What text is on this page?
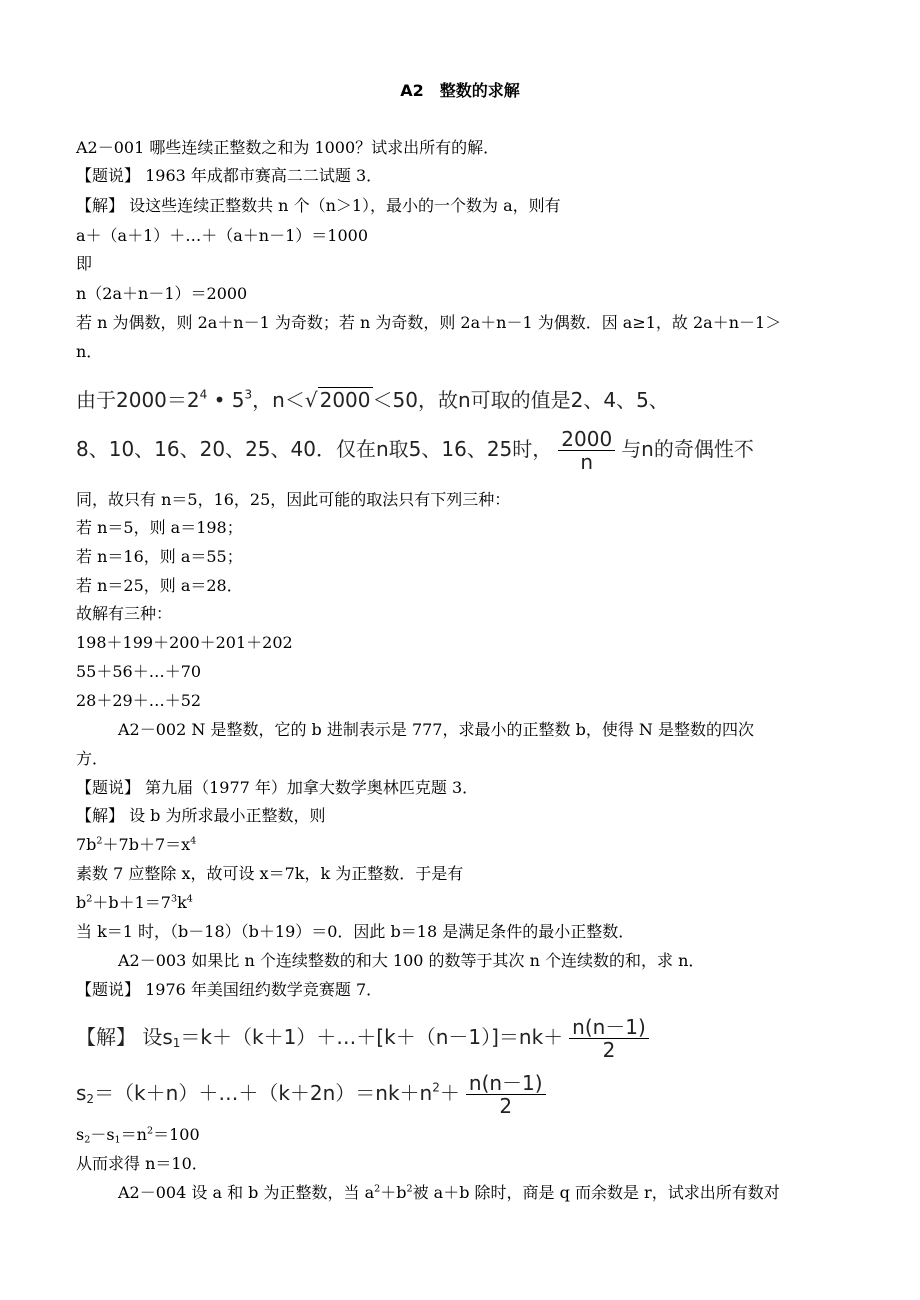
A2　整数的求解
A2－001 哪些连续正整数之和为 1000？试求出所有的解．
【题说】 1963 年成都市赛高二二试题 3．
【解】 设这些连续正整数共 n 个（n＞1），最小的一个数为 a，则有
a＋（a＋1）＋…＋（a＋n－1）＝1000
即
n（2a＋n－1）＝2000
若 n 为偶数，则 2a＋n－1 为奇数；若 n 为奇数，则 2a＋n－1 为偶数．因 a≥1，故 2a＋n－1＞
n．
由于$2000=2^4$ • $5^3$，n＜√ 2000 ＜50，故n可取的值是2、4、5、
8、10、16、20、25、40．仅在n取5、16、25时， $\frac{2000}{n}$ 与n的奇偶性不
同，故只有 n＝5，16，25，因此可能的取法只有下列三种：
若 n＝5，则 a＝198；
若 n＝16，则 a＝55；
若 n＝25，则 a＝28．
故解有三种：
198＋199＋200＋201＋202
55＋56＋…＋70
28＋29＋…＋52
A2－002 N 是整数，它的 b 进制表示是 777，求最小的正整数 b，使得 N 是整数的四次
方．
【题说】 第九届（1977 年）加拿大数学奥林匹克题 3．
【解】 设 b 为所求最小正整数，则
$7b^2+7b+7=x^4$
素数 7 应整除 x，故可设 x＝7k，k 为正整数．于是有
$b^2+b+1=7^3k^4$
当 k＝1 时，（b－18）（b＋19）＝0．因此 b＝18 是满足条件的最小正整数．
A2－003 如果比 n 个连续整数的和大 100 的数等于其次 n 个连续数的和，求 n．
【题说】 1976 年美国纽约数学竞赛题 7．
【解】 设$s_1=k+(k+1)+\dots+[k+(n-1)]=nk+ \frac{n(n-1)}{2}$
$s_2=(k+n)+\dots+(k+2n)=nk+n^2+ \frac{n(n-1)}{2}$
$s_2-s_1=n^2=100$
从而求得 n＝10．
A2－004 设 a 和 b 为正整数，当 $a^2+b^2$被 a＋b 除时，商是 q 而余数是 r，试求出所有数对
